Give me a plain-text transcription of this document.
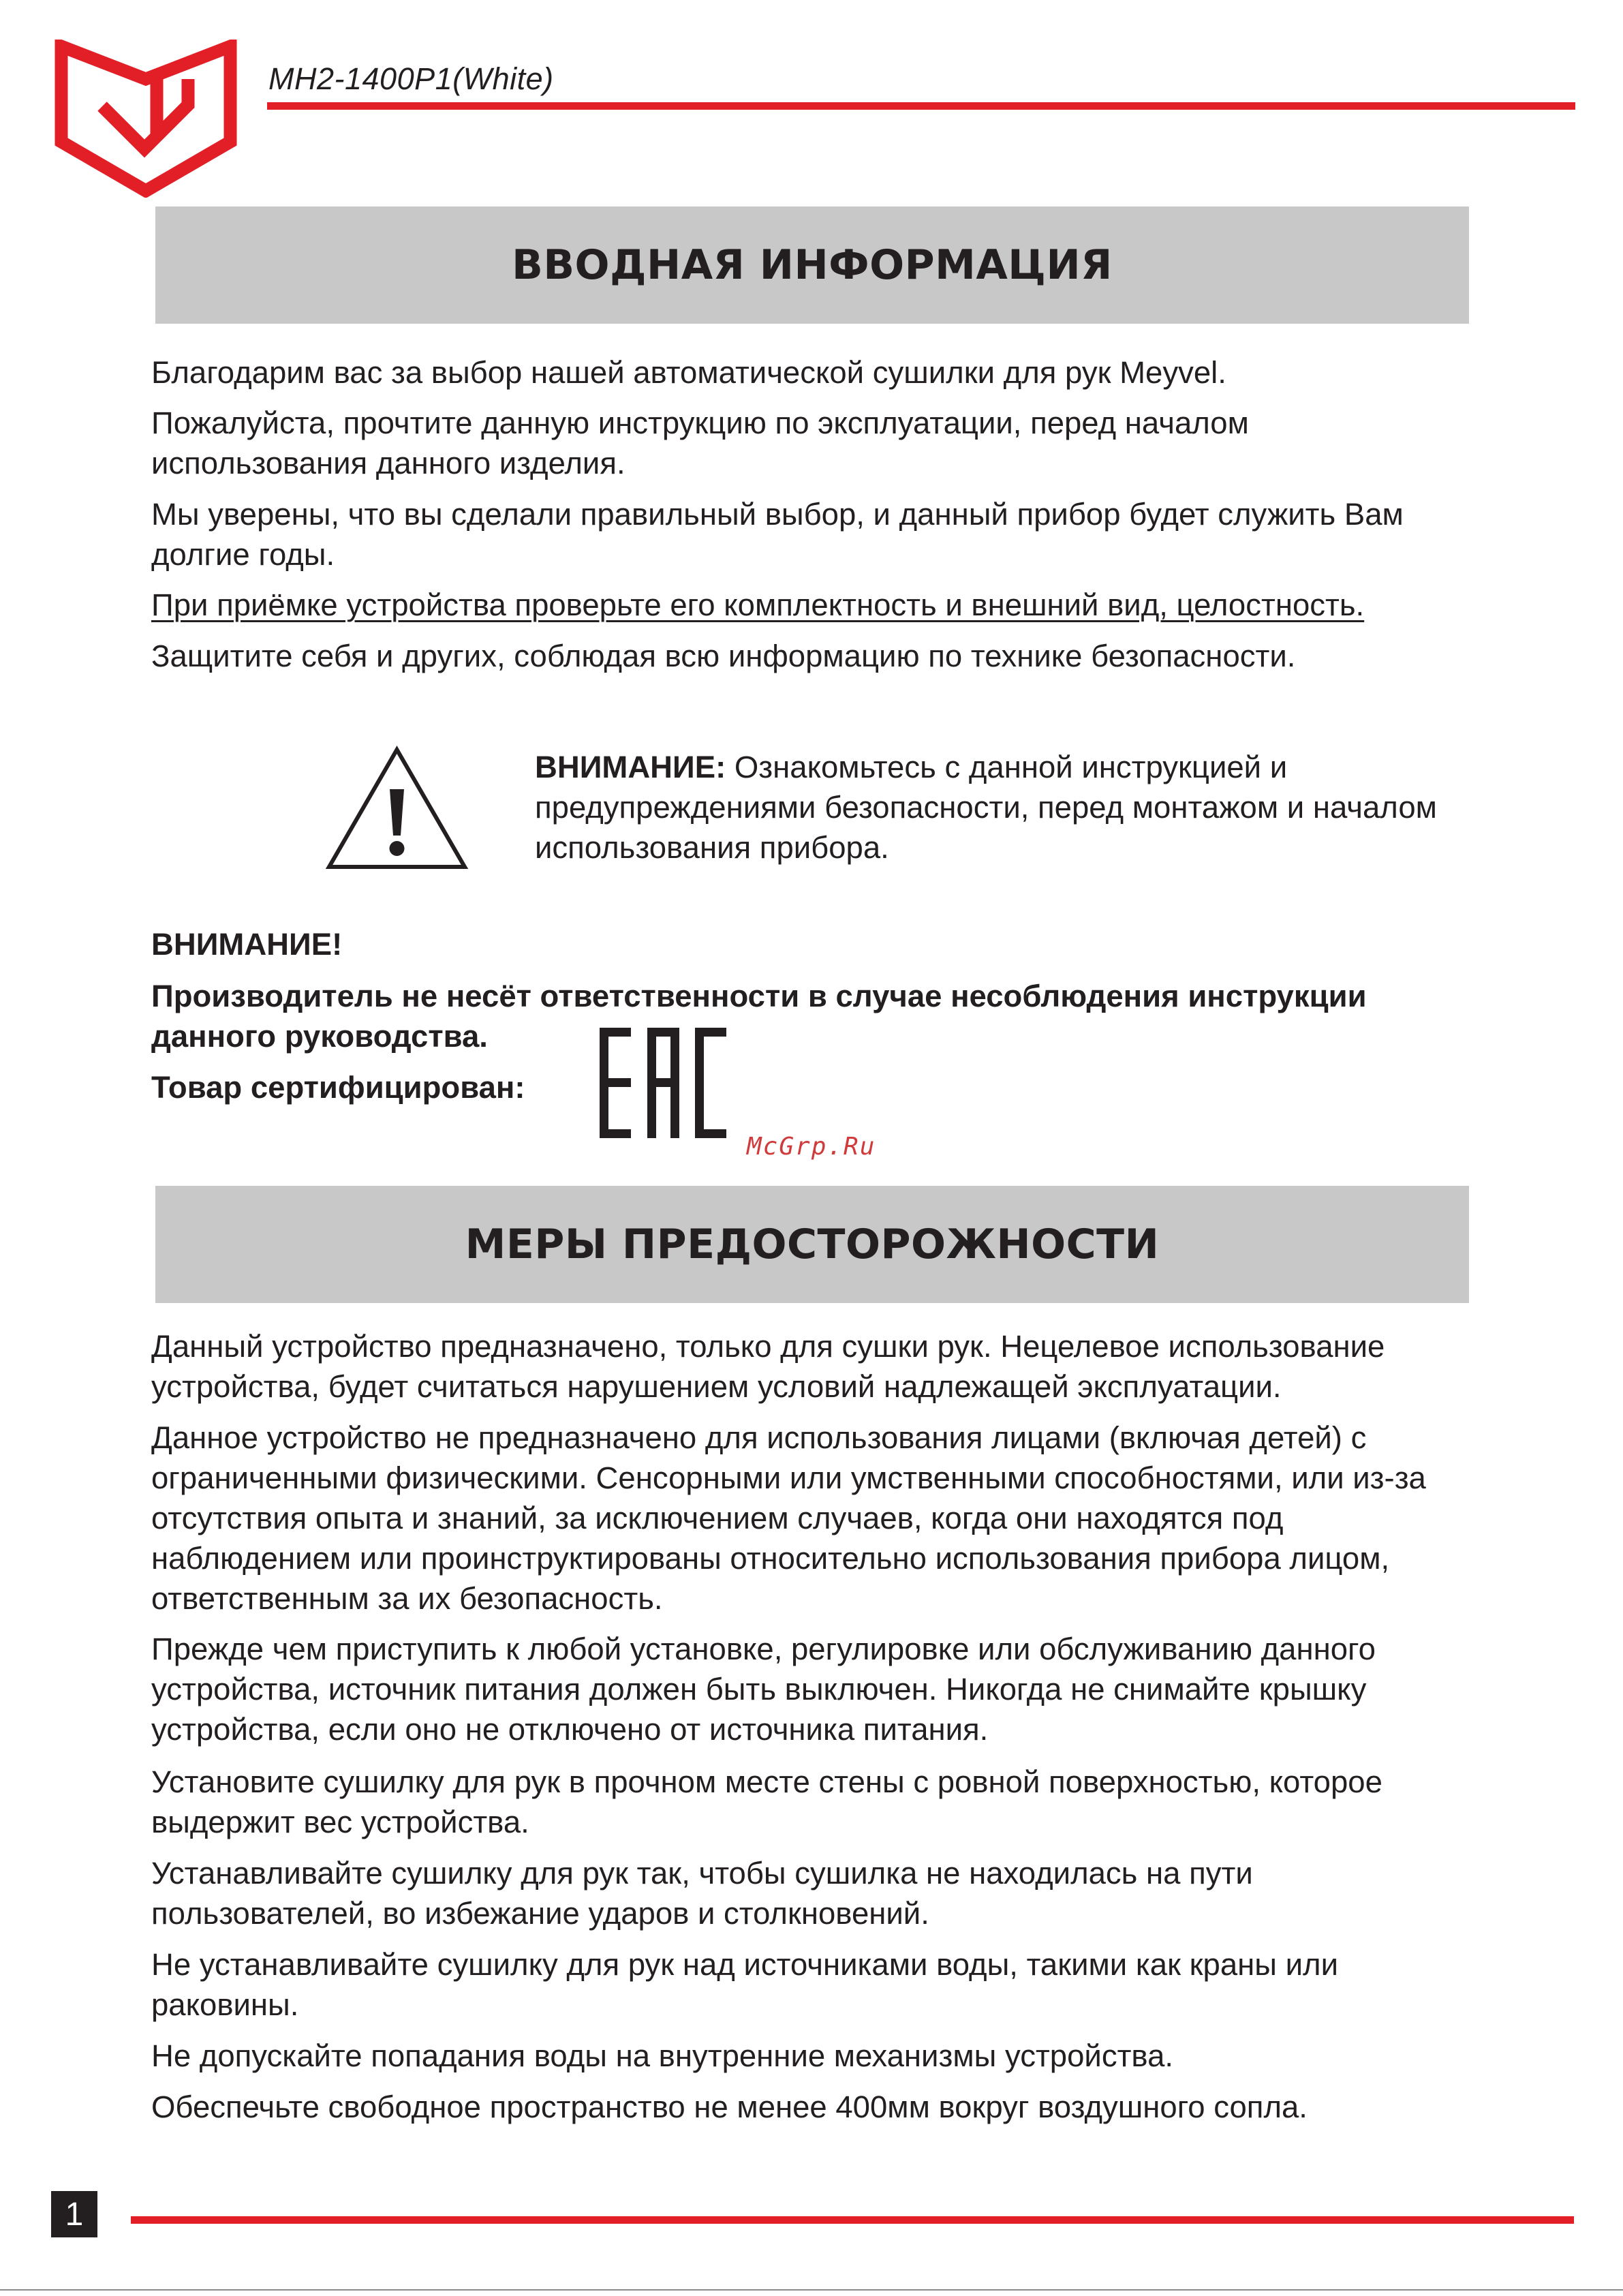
MH2-1400P1(White)
ВВОДНАЯ ИНФОРМАЦИЯ

Благодарим вас за выбор нашей автоматической сушилки для рук Meyvel.

Пожалуйста, прочтите данную инструкцию по эксплуатации, перед началом использования данного изделия.

Мы уверены, что вы сделали правильный выбор, и данный прибор будет служить Вам долгие годы.

При приёмке устройства проверьте его комплектность и внешний вид, целостность.

Защитите себя и других, соблюдая всю информацию по технике безопасности.

ВНИМАНИЕ: Ознакомьтесь с данной инструкцией и предупреждениями безопасности, перед монтажом и началом использования прибора.

ВНИМАНИЕ!

Производитель не несёт ответственности в случае несоблюдения инструкции данного руководства.

Товар сертифицирован:

McGrp.Ru
МЕРЫ ПРЕДОСТОРОЖНОСТИ

Данный устройство предназначено, только для сушки рук. Нецелевое использование устройства, будет считаться нарушением условий надлежащей эксплуатации.

Данное устройство не предназначено для использования лицами (включая детей) с ограниченными физическими. Сенсорными или умственными способностями, или из-за отсутствия опыта и знаний, за исключением случаев, когда они находятся под наблюдением или проинструктированы относительно использования прибора лицом, ответственным за их безопасность.

Прежде чем приступить к любой установке, регулировке или обслуживанию данного устройства, источник питания должен быть выключен. Никогда не снимайте крышку устройства, если оно не отключено от источника питания.

Установите сушилку для рук в прочном месте стены с ровной поверхностью, которое выдержит вес устройства.

Устанавливайте сушилку для рук так, чтобы сушилка не находилась на пути пользователей, во избежание ударов и столкновений.

Не устанавливайте сушилку для рук над источниками воды, такими как краны или раковины.

Не допускайте попадания воды на внутренние механизмы устройства.

Обеспечьте свободное пространство не менее 400мм вокруг воздушного сопла.

1
